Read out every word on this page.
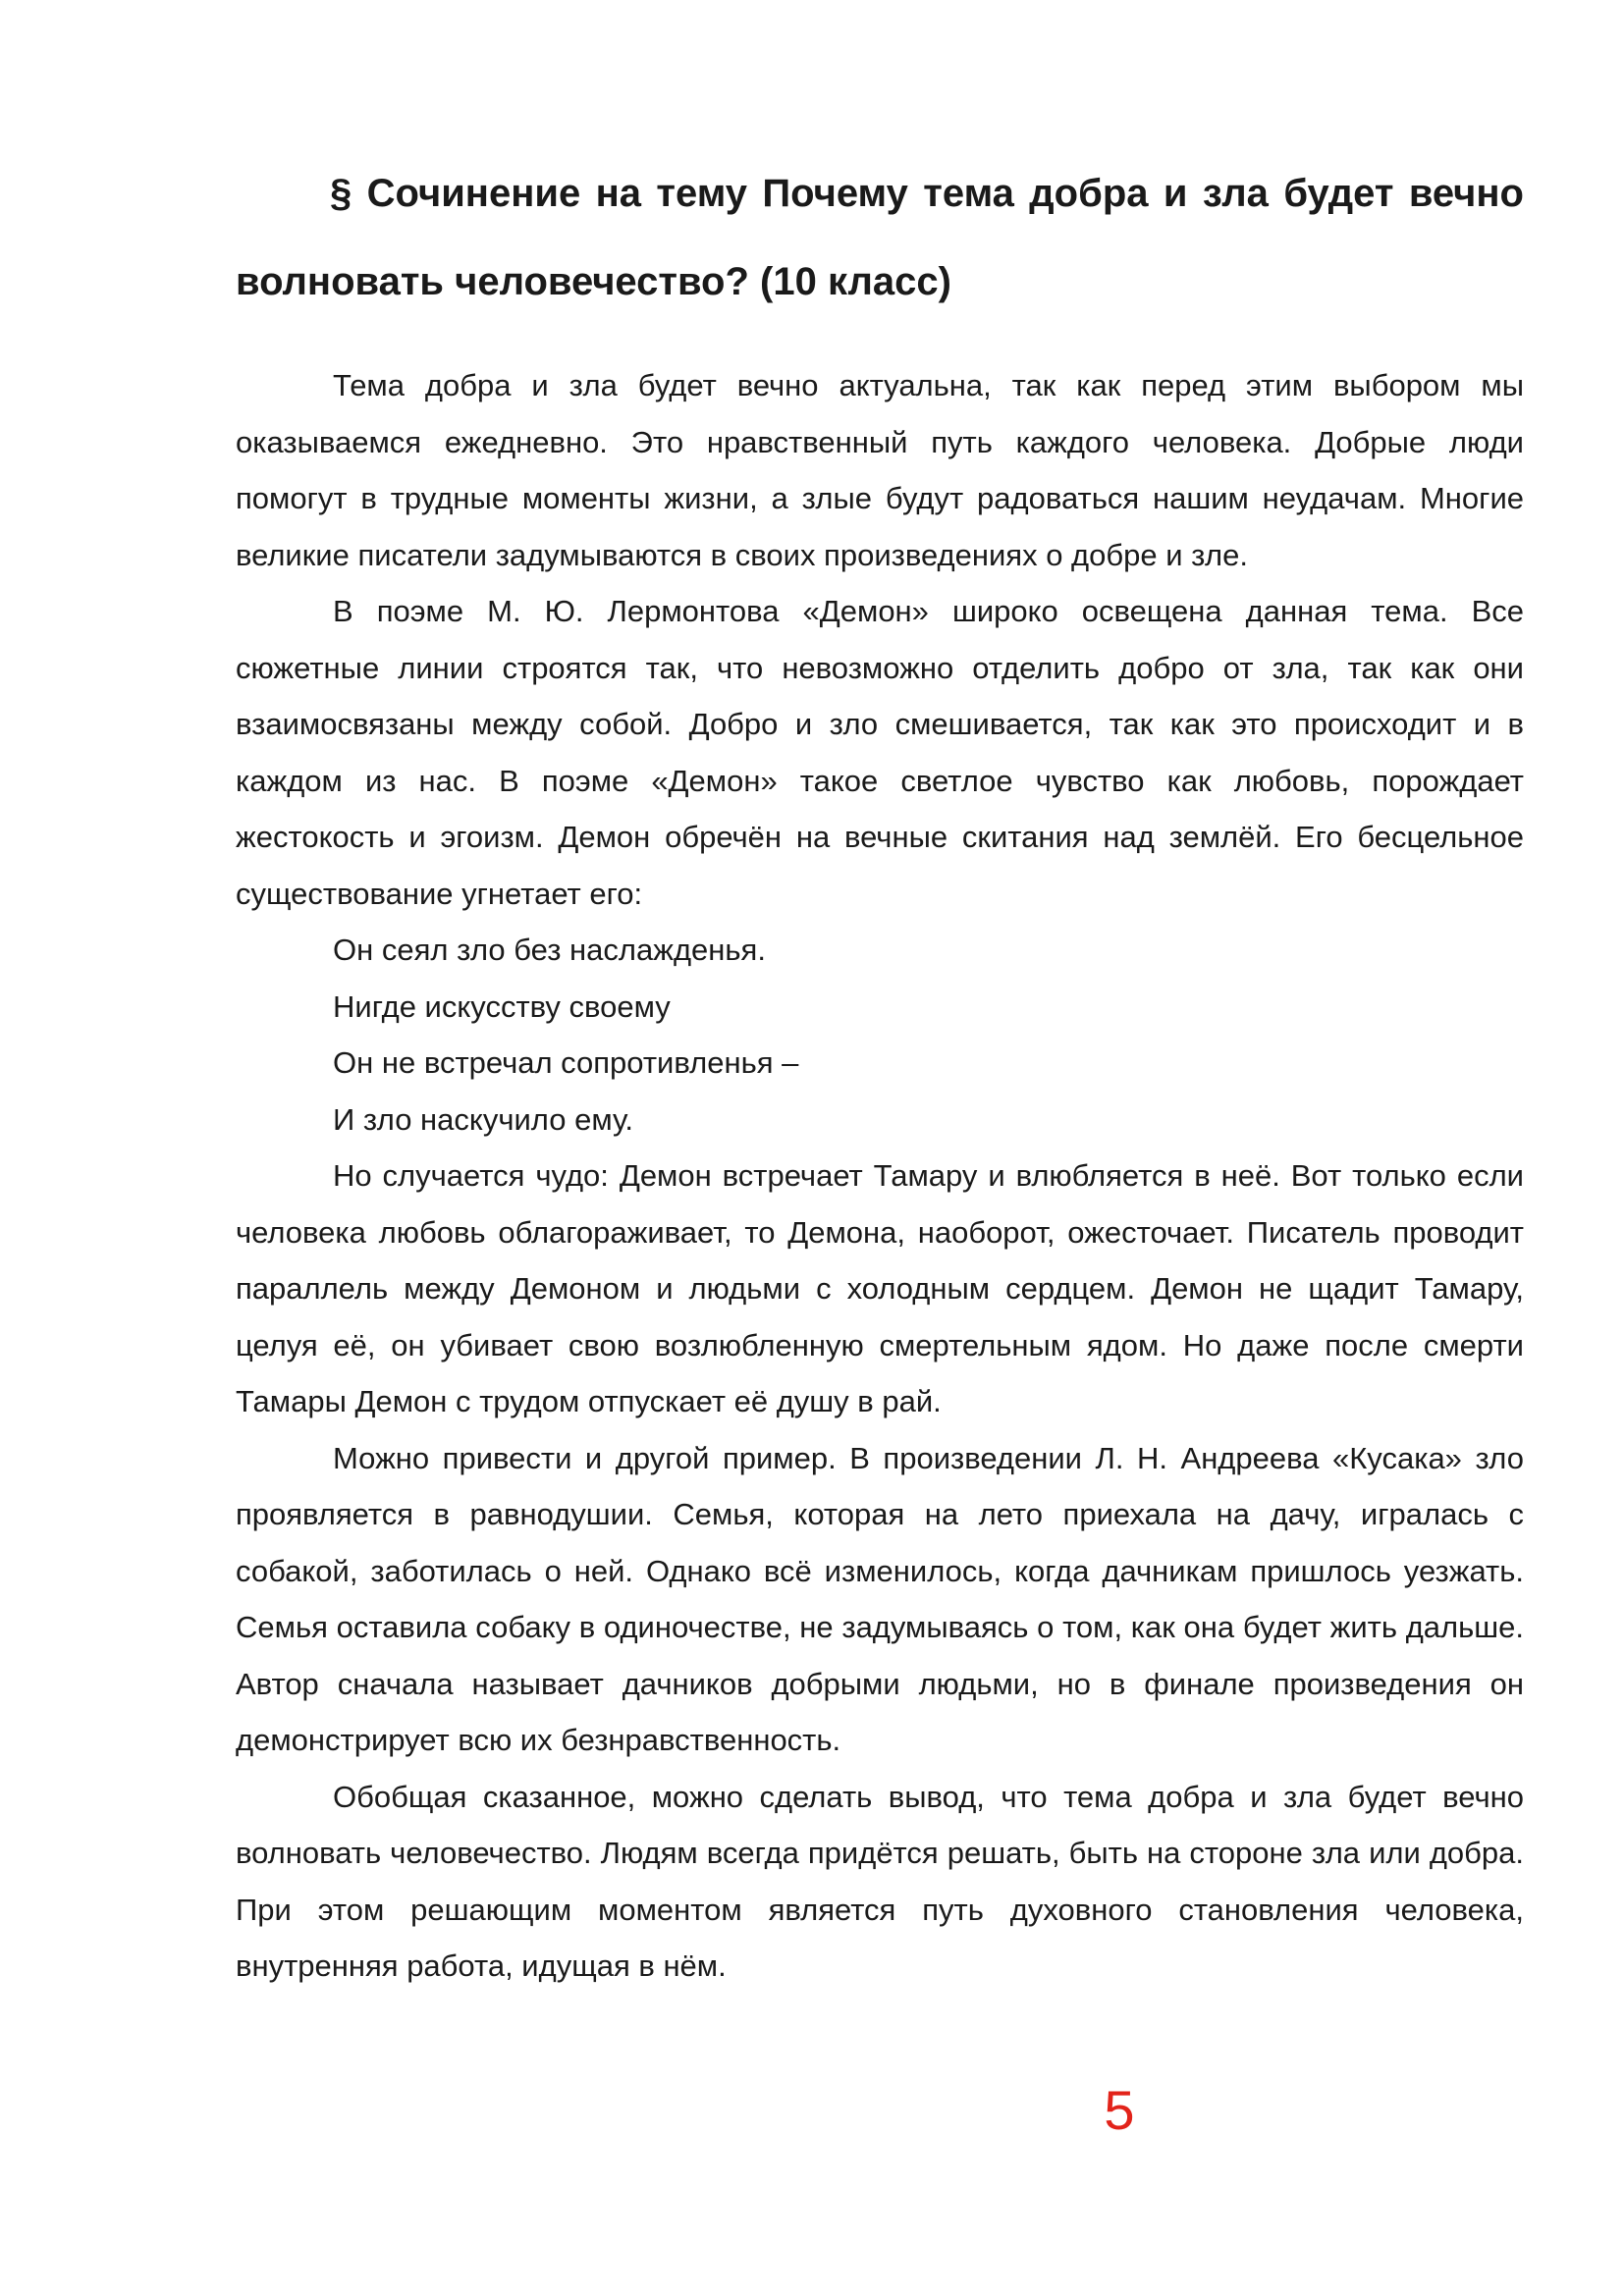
§ Сочинение на тему Почему тема добра и зла будет вечно волновать человечество? (10 класс)

Тема добра и зла будет вечно актуальна, так как перед этим выбором мы оказываемся ежедневно. Это нравственный путь каждого человека. Добрые люди помогут в трудные моменты жизни, а злые будут радоваться нашим неудачам. Многие великие писатели задумываются в своих произведениях о добре и зле.

В поэме М. Ю. Лермонтова «Демон» широко освещена данная тема. Все сюжетные линии строятся так, что невозможно отделить добро от зла, так как они взаимосвязаны между собой. Добро и зло смешивается, так как это происходит и в каждом из нас. В поэме «Демон» такое светлое чувство как любовь, порождает жестокость и эгоизм. Демон обречён на вечные скитания над землёй. Его бесцельное существование угнетает его:

Он сеял зло без наслажденья.

Нигде искусству своему

Он не встречал сопротивленья –

И зло наскучило ему.

Но случается чудо: Демон встречает Тамару и влюбляется в неё. Вот только если человека любовь облагораживает, то Демона, наоборот, ожесточает. Писатель проводит параллель между Демоном и людьми с холодным сердцем. Демон не щадит Тамару, целуя её, он убивает свою возлюбленную смертельным ядом. Но даже после смерти Тамары Демон с трудом отпускает её душу в рай.

Можно привести и другой пример. В произведении Л. Н. Андреева «Кусака» зло проявляется в равнодушии. Семья, которая на лето приехала на дачу, игралась с собакой, заботилась о ней. Однако всё изменилось, когда дачникам пришлось уезжать. Семья оставила собаку в одиночестве, не задумываясь о том, как она будет жить дальше. Автор сначала называет дачников добрыми людьми, но в финале произведения он демонстрирует всю их безнравственность.

Обобщая сказанное, можно сделать вывод, что тема добра и зла будет вечно волновать человечество. Людям всегда придётся решать, быть на стороне зла или добра. При этом решающим моментом является путь духовного становления человека, внутренняя работа, идущая в нём.

5
